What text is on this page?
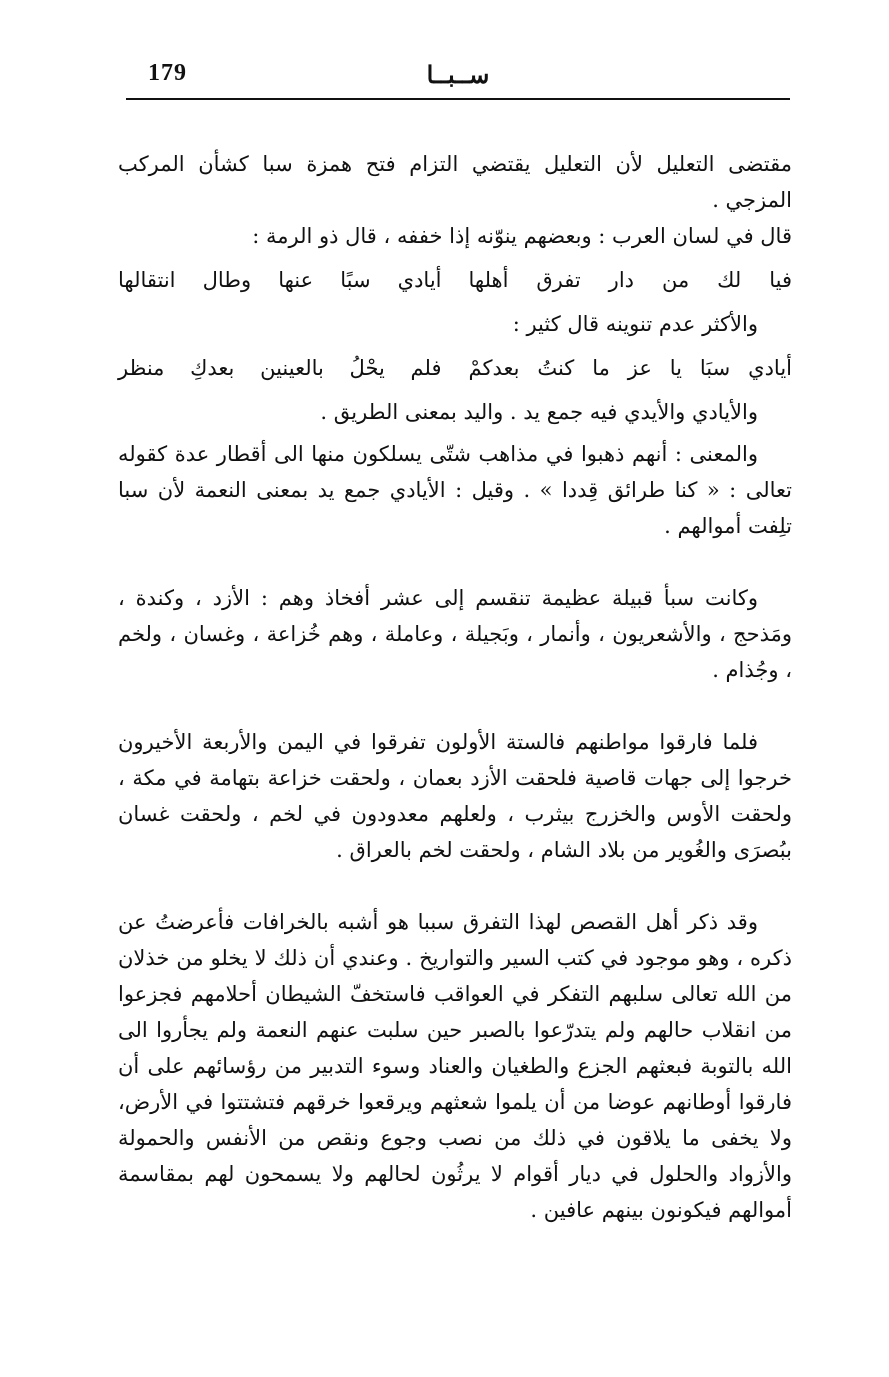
179	ســبــا

مقتضى التعليل لأن التعليل يقتضي التزام فتح همزة سبا كشأن المركب المزجي .

قال في لسان العرب : وبعضهم ينوّنه إذا خففه ، قال ذو الرمة :

فيا لك من دار تفرق أهلها
أيادي سبًا عنها وطال انتقالها

والأكثر عدم تنوينه قال كثير :

أيادي سبَا يا عز ما كنتُ بعدكمْ
فلم يحْلُ بالعينين بعدكِ منظر

والأيادي والأيدي فيه جمع يد . واليد بمعنى الطريق .

والمعنى : أنهم ذهبوا في مذاهب شتّى يسلكون منها الى أقطار عدة كقوله تعالى : « كنا طرائق قِددا » . وقيل : الأيادي جمع يد بمعنى النعمة لأن سبا تلِفت أموالهم .

وكانت سبأ قبيلة عظيمة تنقسم إلى عشر أفخاذ وهم : الأزد ، وكندة ، ومَذحج ، والأشعريون ، وأنمار ، وبَجيلة ، وعاملة ، وهم خُزاعة ، وغسان ، ولخم ، وجُذام .

فلما فارقوا مواطنهم فالستة الأولون تفرقوا في اليمن والأربعة الأخيرون خرجوا إلى جهات قاصية فلحقت الأزد بعمان ، ولحقت خزاعة بتهامة في مكة ، ولحقت الأوس والخزرج بيثرب ، ولعلهم معدودون في لخم ، ولحقت غسان ببُصرَى والغُوير من بلاد الشام ، ولحقت لخم بالعراق .

وقد ذكر أهل القصص لهذا التفرق سببا هو أشبه بالخرافات فأعرضتُ عن ذكره ، وهو موجود في كتب السير والتواريخ . وعندي أن ذلك لا يخلو من خذلان من الله تعالى سلبهم التفكر في العواقب فاستخفّ الشيطان أحلامهم فجزعوا من انقلاب حالهم ولم يتدرّعوا بالصبر حين سلبت عنهم النعمة ولم يجأروا الى الله بالتوبة فبعثهم الجزع والطغيان والعناد وسوء التدبير من رؤسائهم على أن فارقوا أوطانهم عوضا من أن يلموا شعثهم ويرقعوا خرقهم فتشتتوا في الأرض، ولا يخفى ما يلاقون في ذلك من نصب وجوع ونقص من الأنفس والحمولة والأزواد والحلول في ديار أقوام لا يرثُون لحالهم ولا يسمحون لهم بمقاسمة أموالهم فيكونون بينهم عافين .
